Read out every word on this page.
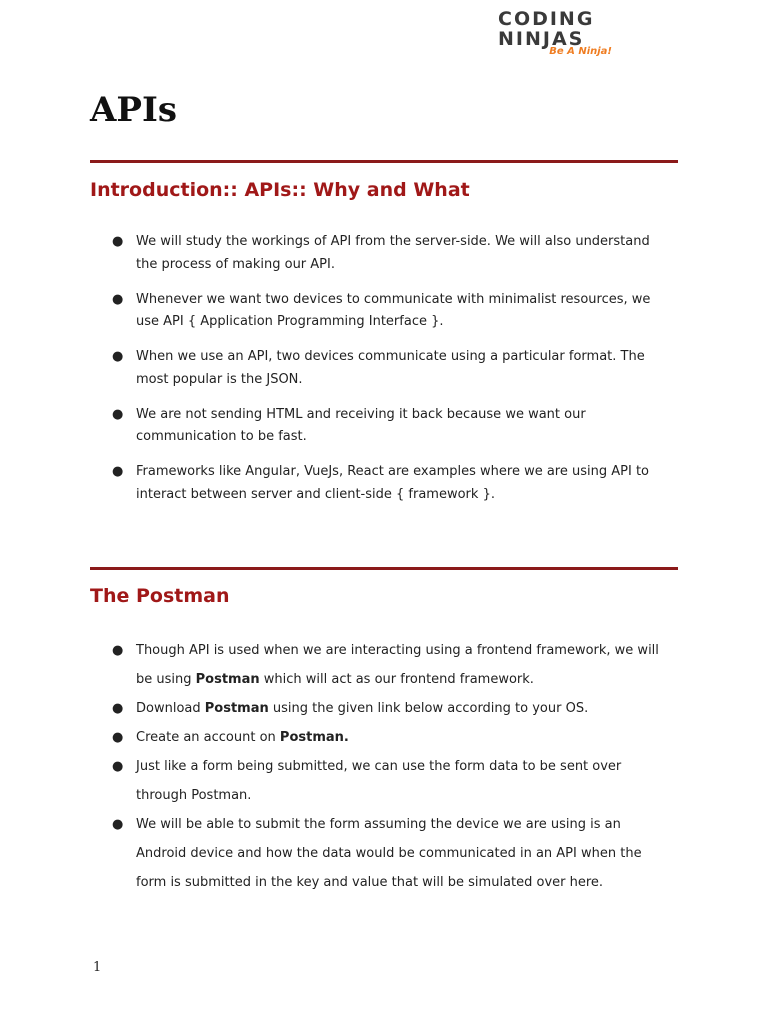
CODING
NINJAS
Be A Ninja!
APIs
Introduction:: APIs:: Why and What
● We will study the workings of API from the server-side. We will also understand the process of making our API.
● Whenever we want two devices to communicate with minimalist resources, we use API { Application Programming Interface }.
● When we use an API, two devices communicate using a particular format. The most popular is the JSON.
● We are not sending HTML and receiving it back because we want our communication to be fast.
● Frameworks like Angular, VueJs, React are examples where we are using API to interact between server and client-side { framework }.
The Postman
● Though API is used when we are interacting using a frontend framework, we will be using Postman which will act as our frontend framework.
● Download Postman using the given link below according to your OS.
● Create an account on Postman.
● Just like a form being submitted, we can use the form data to be sent over through Postman.
● We will be able to submit the form assuming the device we are using is an Android device and how the data would be communicated in an API when the form is submitted in the key and value that will be simulated over here.
1
